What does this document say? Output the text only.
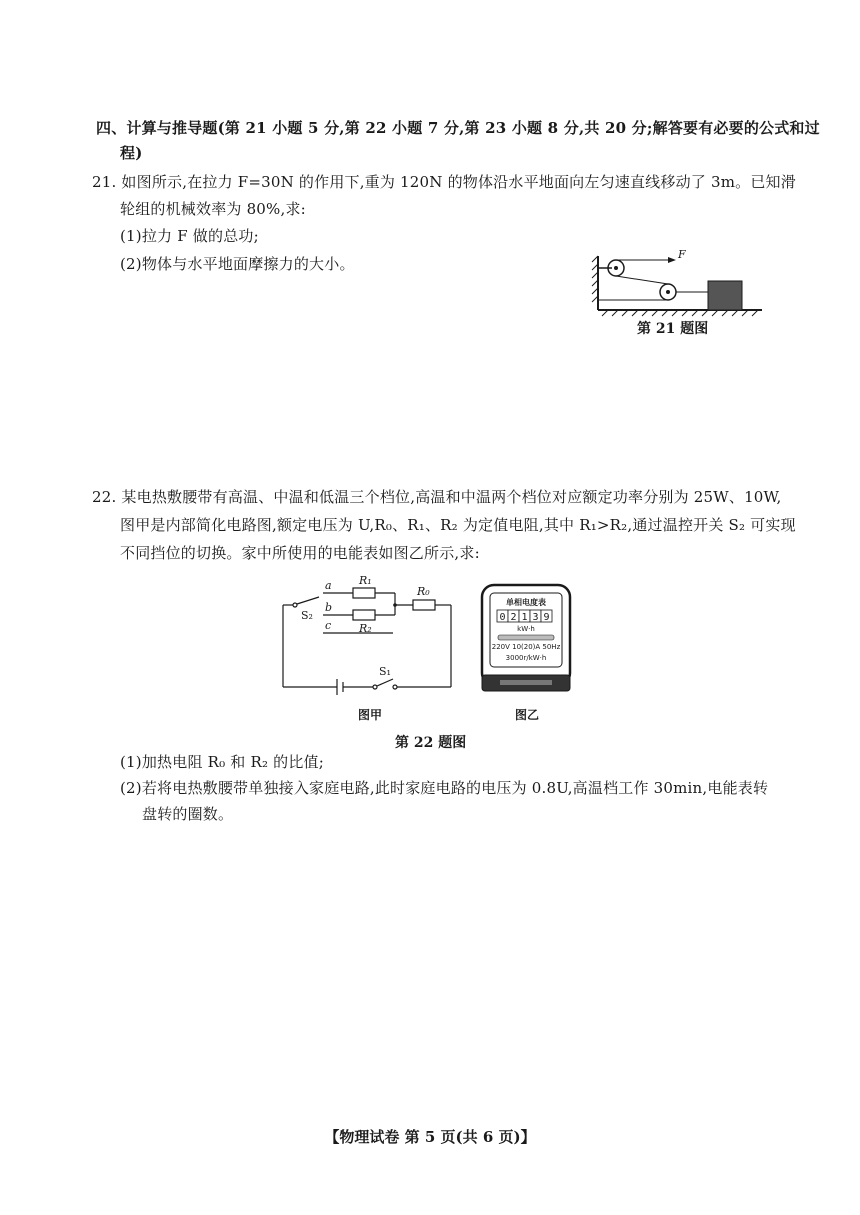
四、计算与推导题(第 21 小题 5 分,第 22 小题 7 分,第 23 小题 8 分,共 20 分;解答要有必要的公式和过
程)
21. 如图所示,在拉力 F=30N 的作用下,重为 120N 的物体沿水平地面向左匀速直线移动了 3m。已知滑
轮组的机械效率为 80%,求:
(1)拉力 F 做的总功;
(2)物体与水平地面摩擦力的大小。
F
第 21 题图
22. 某电热敷腰带有高温、中温和低温三个档位,高温和中温两个档位对应额定功率分别为 25W、10W,
图甲是内部简化电路图,额定电压为 U,R₀、R₁、R₂ 为定值电阻,其中 R₁>R₂,通过温控开关 S₂ 可实现
不同挡位的切换。家中所使用的电能表如图乙所示,求:
a
b
c
R₁
R₂
R₀
S₂
S₁
单相电度表
0 2 1 3 9
kW·h
220V 10(20)A 50Hz
3000r/kW·h
图甲	图乙
第 22 题图
(1)加热电阻 R₀ 和 R₂ 的比值;
(2)若将电热敷腰带单独接入家庭电路,此时家庭电路的电压为 0.8U,高温档工作 30min,电能表转
盘转的圈数。
【物理试卷 第 5 页(共 6 页)】
